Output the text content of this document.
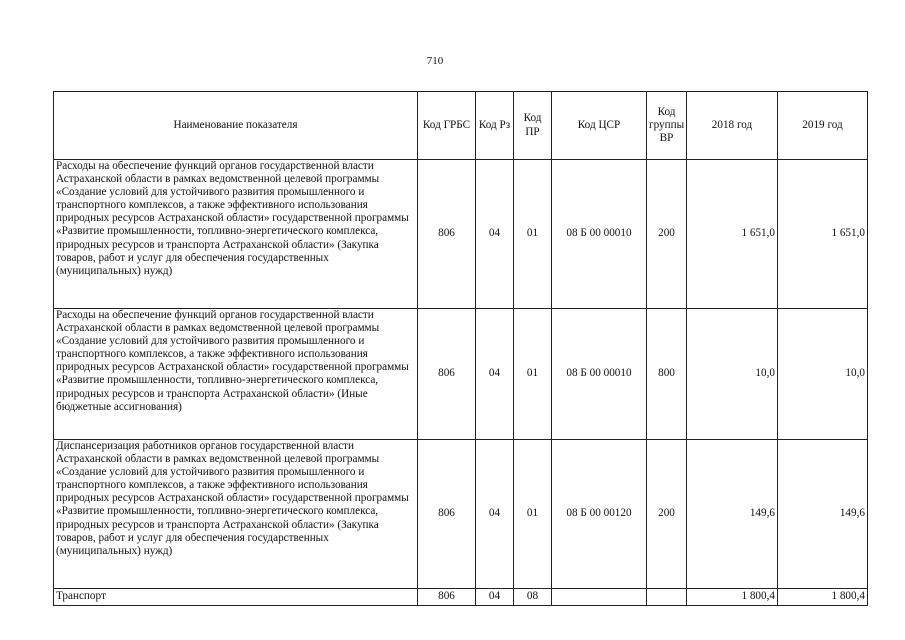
710
Наименование показателя	Код ГРБС	Код Рз	Код ПР	Код ЦСР	Код группы ВР	2018 год	2019 год
Расходы на обеспечение функций органов государственной власти Астраханской области в рамках ведомственной целевой программы «Создание условий для устойчивого развития промышленного и транспортного комплексов, а также эффективного использования природных ресурсов Астраханской области» государственной программы «Развитие промышленности, топливно-энергетического комплекса, природных ресурсов и транспорта Астраханской области» (Закупка товаров, работ и услуг для обеспечения государственных (муниципальных) нужд)	806	04	01	08 Б 00 00010	200	1 651,0	1 651,0
Расходы на обеспечение функций органов государственной власти Астраханской области в рамках ведомственной целевой программы «Создание условий для устойчивого развития промышленного и транспортного комплексов, а также эффективного использования природных ресурсов Астраханской области» государственной программы «Развитие промышленности, топливно-энергетического комплекса, природных ресурсов и транспорта Астраханской области» (Иные бюджетные ассигнования)	806	04	01	08 Б 00 00010	800	10,0	10,0
Диспансеризация работников органов государственной власти Астраханской области в рамках ведомственной целевой программы «Создание условий для устойчивого развития промышленного и транспортного комплексов, а также эффективного использования природных ресурсов Астраханской области» государственной программы «Развитие промышленности, топливно-энергетического комплекса, природных ресурсов и транспорта Астраханской области» (Закупка товаров, работ и услуг для обеспечения государственных (муниципальных) нужд)	806	04	01	08 Б 00 00120	200	149,6	149,6
Транспорт	806	04	08			1 800,4	1 800,4
